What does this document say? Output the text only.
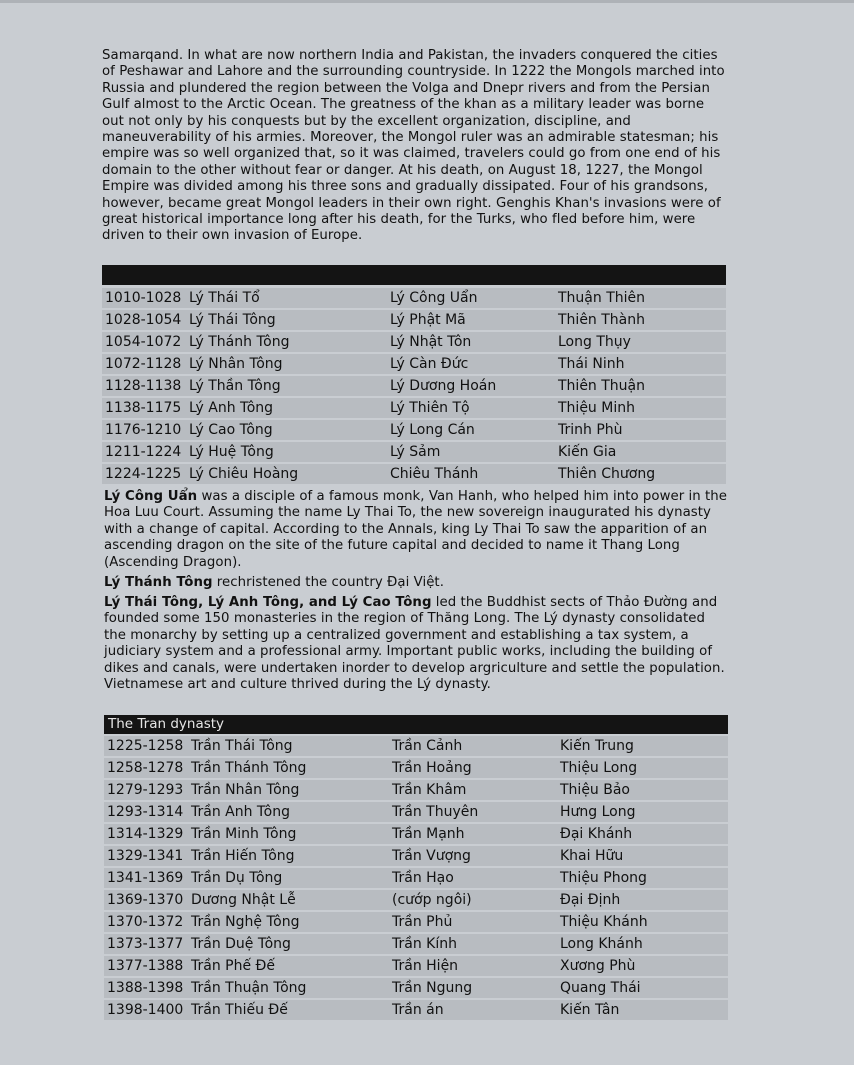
Samarqand. In what are now northern India and Pakistan, the invaders conquered the cities of Peshawar and Lahore and the surrounding countryside. In 1222 the Mongols marched into Russia and plundered the region between the Volga and Dnepr rivers and from the Persian Gulf almost to the Arctic Ocean. The greatness of the khan as a military leader was borne out not only by his conquests but by the excellent organization, discipline, and maneuverability of his armies. Moreover, the Mongol ruler was an admirable statesman; his empire was so well organized that, so it was claimed, travelers could go from one end of his domain to the other without fear or danger. At his death, on August 18, 1227, the Mongol Empire was divided among his three sons and gradually dissipated. Four of his grandsons, however, became great Mongol leaders in their own right. Genghis Khan's invasions were of great historical importance long after his death, for the Turks, who fled before him, were driven to their own invasion of Europe.

1010-1028	Lý Thái Tổ	Lý Công Uẩn	Thuận Thiên
1028-1054	Lý Thái Tông	Lý Phật Mã	Thiên Thành
1054-1072	Lý Thánh Tông	Lý Nhật Tôn	Long Thụy
1072-1128	Lý Nhân Tông	Lý Càn Đức	Thái Ninh
1128-1138	Lý Thần Tông	Lý Dương Hoán	Thiên Thuận
1138-1175	Lý Anh Tông	Lý Thiên Tộ	Thiệu Minh
1176-1210	Lý Cao Tông	Lý Long Cán	Trinh Phù
1211-1224	Lý Huệ Tông	Lý Sảm	Kiến Gia
1224-1225	Lý Chiêu Hoàng	Chiêu Thánh	Thiên Chương

Lý Công Uẩn was a disciple of a famous monk, Van Hanh, who helped him into power in the Hoa Luu Court. Assuming the name Ly Thai To, the new sovereign inaugurated his dynasty with a change of capital. According to the Annals, king Ly Thai To saw the apparition of an ascending dragon on the site of the future capital and decided to name it Thang Long (Ascending Dragon).

Lý Thánh Tông rechristened the country Đại Việt.

Lý Thái Tông, Lý Anh Tông, and Lý Cao Tông led the Buddhist sects of Thảo Đường and founded some 150 monasteries in the region of Thăng Long. The Lý dynasty consolidated the monarchy by setting up a centralized government and establishing a tax system, a judiciary system and a professional army. Important public works, including the building of dikes and canals, were undertaken inorder to develop argriculture and settle the population. Vietnamese art and culture thrived during the Lý dynasty.

The Tran dynasty
1225-1258	Trần Thái Tông	Trần Cảnh	Kiến Trung
1258-1278	Trần Thánh Tông	Trần Hoảng	Thiệu Long
1279-1293	Trần Nhân Tông	Trần Khâm	Thiệu Bảo
1293-1314	Trần Anh Tông	Trần Thuyên	Hưng Long
1314-1329	Trần Minh Tông	Trần Mạnh	Đại Khánh
1329-1341	Trần Hiến Tông	Trần Vượng	Khai Hữu
1341-1369	Trần Dụ Tông	Trần Hạo	Thiệu Phong
1369-1370	Dương Nhật Lễ	(cướp ngôi)	Đại Định
1370-1372	Trần Nghệ Tông	Trần Phủ	Thiệu Khánh
1373-1377	Trần Duệ Tông	Trần Kính	Long Khánh
1377-1388	Trần Phế Đế	Trần Hiện	Xương Phù
1388-1398	Trần Thuận Tông	Trần Ngung	Quang Thái
1398-1400	Trần Thiếu Đế	Trần án	Kiến Tân
